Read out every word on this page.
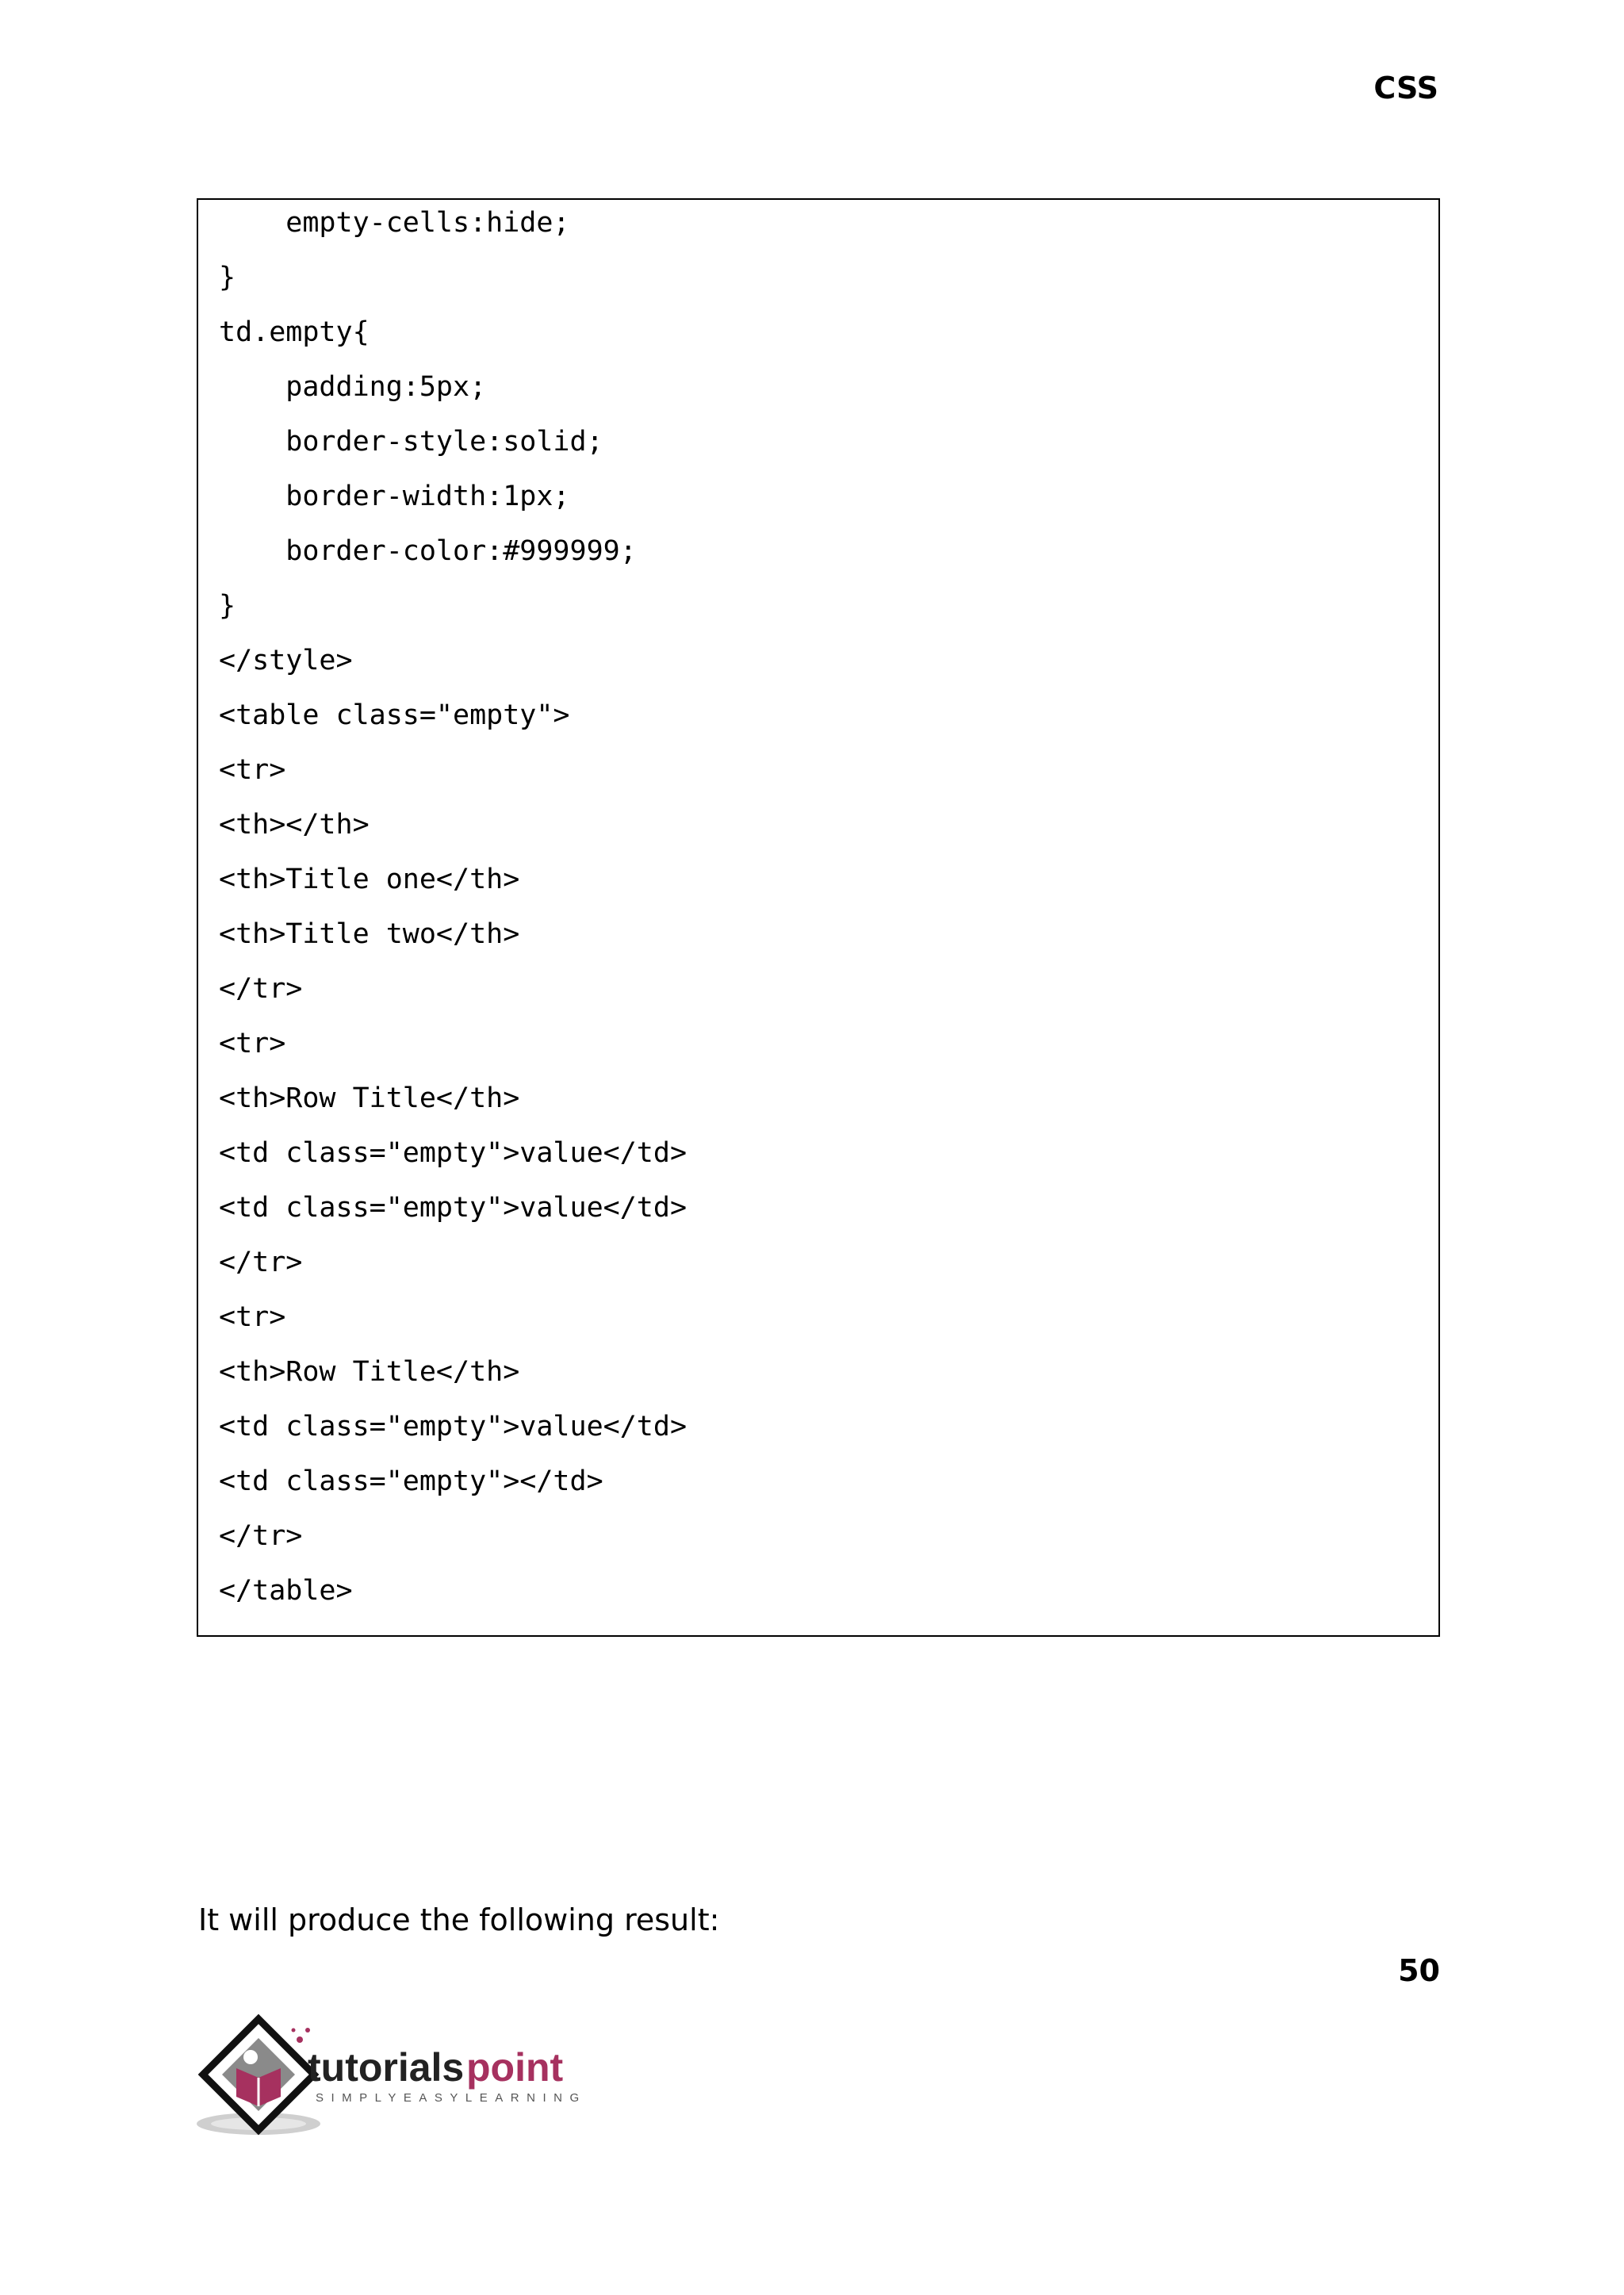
CSS
empty-cells:hide;
}
td.empty{
padding:5px;
border-style:solid;
border-width:1px;
border-color:#999999;
}
</style>
<table class="empty">
<tr>
<th></th>
<th>Title one</th>
<th>Title two</th>
</tr>
<tr>
<th>Row Title</th>
<td class="empty">value</td>
<td class="empty">value</td>
</tr>
<tr>
<th>Row Title</th>
<td class="empty">value</td>
<td class="empty"></td>
</tr>
</table>
It will produce the following result:
50
tutorials point
SIMPLYEASYLEARNING
